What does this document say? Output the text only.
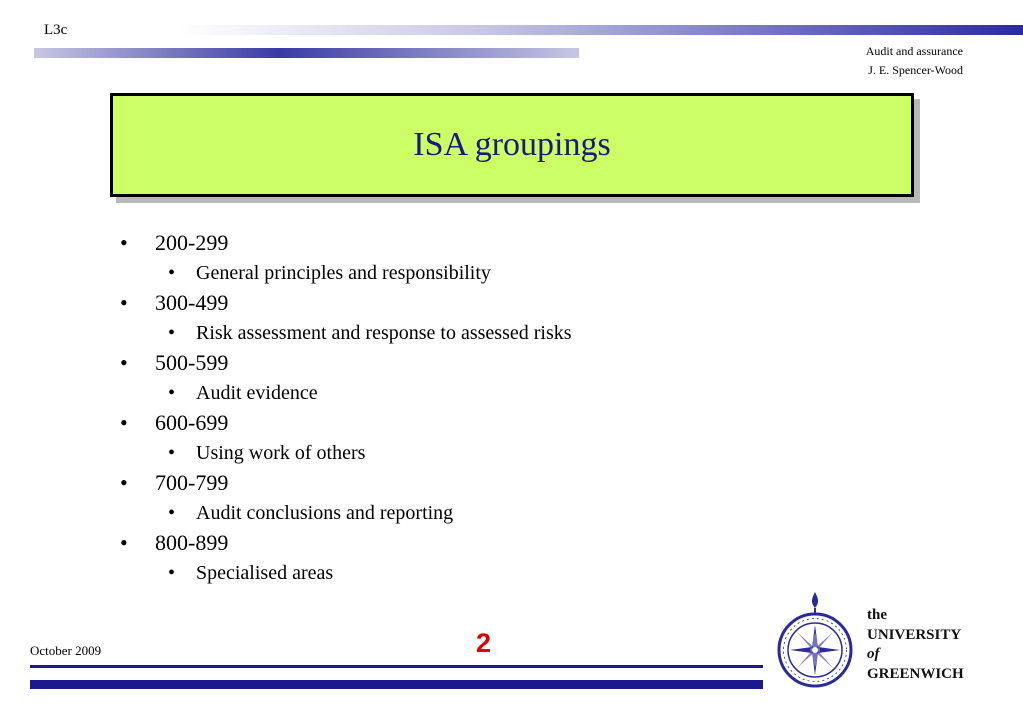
L3c
Audit and assurance
J. E. Spencer-Wood
ISA groupings
•	200-299
•	General principles and responsibility
•	300-499
•	Risk assessment and response to assessed risks
•	500-599
•	Audit evidence
•	600-699
•	Using work of others
•	700-799
•	Audit conclusions and reporting
•	800-899
•	Specialised areas
October 2009	2
the
UNIVERSITY
of
GREENWICH
